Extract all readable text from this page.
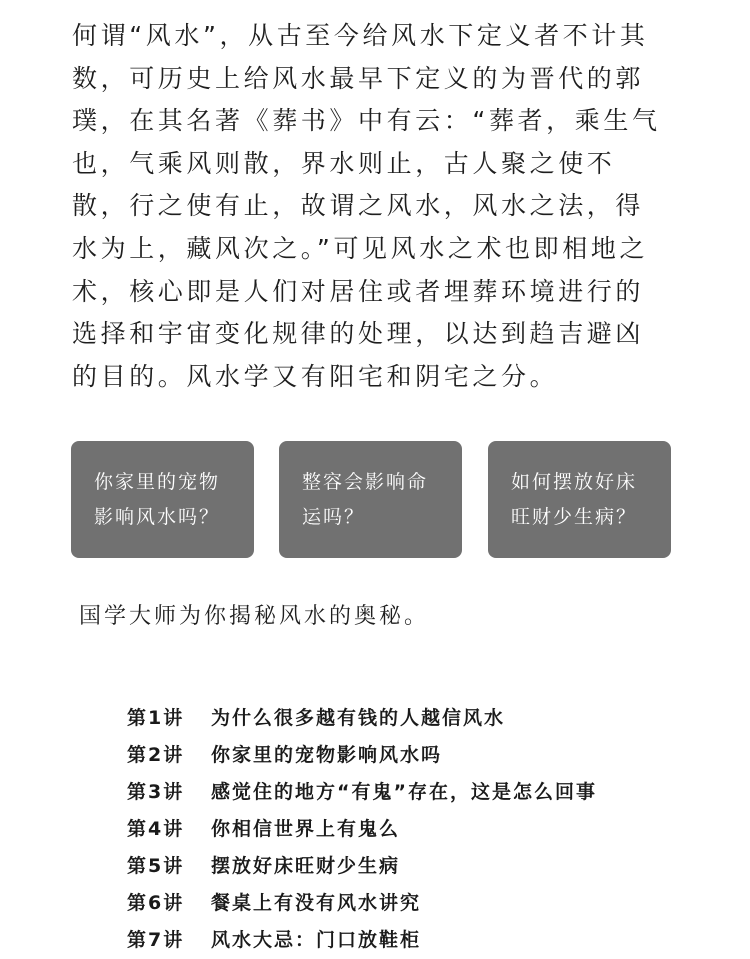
何谓“风水”，从古至今给风水下定义者不计其数，可历史上给风水最早下定义的为晋代的郭璞，在其名著《葬书》中有云：“葬者，乘生气也，气乘风则散，界水则止，古人聚之使不散，行之使有止，故谓之风水，风水之法，得水为上，藏风次之。”可见风水之术也即相地之术，核心即是人们对居住或者埋葬环境进行的选择和宇宙变化规律的处理，以达到趋吉避凶的目的。风水学又有阳宅和阴宅之分。

你家里的宠物
影响风水吗？
整容会影响命
运吗？
如何摆放好床
旺财少生病？
国学大师为你揭秘风水的奥秘。
第1讲 为什么很多越有钱的人越信风水
第2讲 你家里的宠物影响风水吗
第3讲 感觉住的地方“有鬼”存在，这是怎么回事
第4讲 你相信世界上有鬼么
第5讲 摆放好床旺财少生病
第6讲 餐桌上有没有风水讲究
第7讲 风水大忌：门口放鞋柜
